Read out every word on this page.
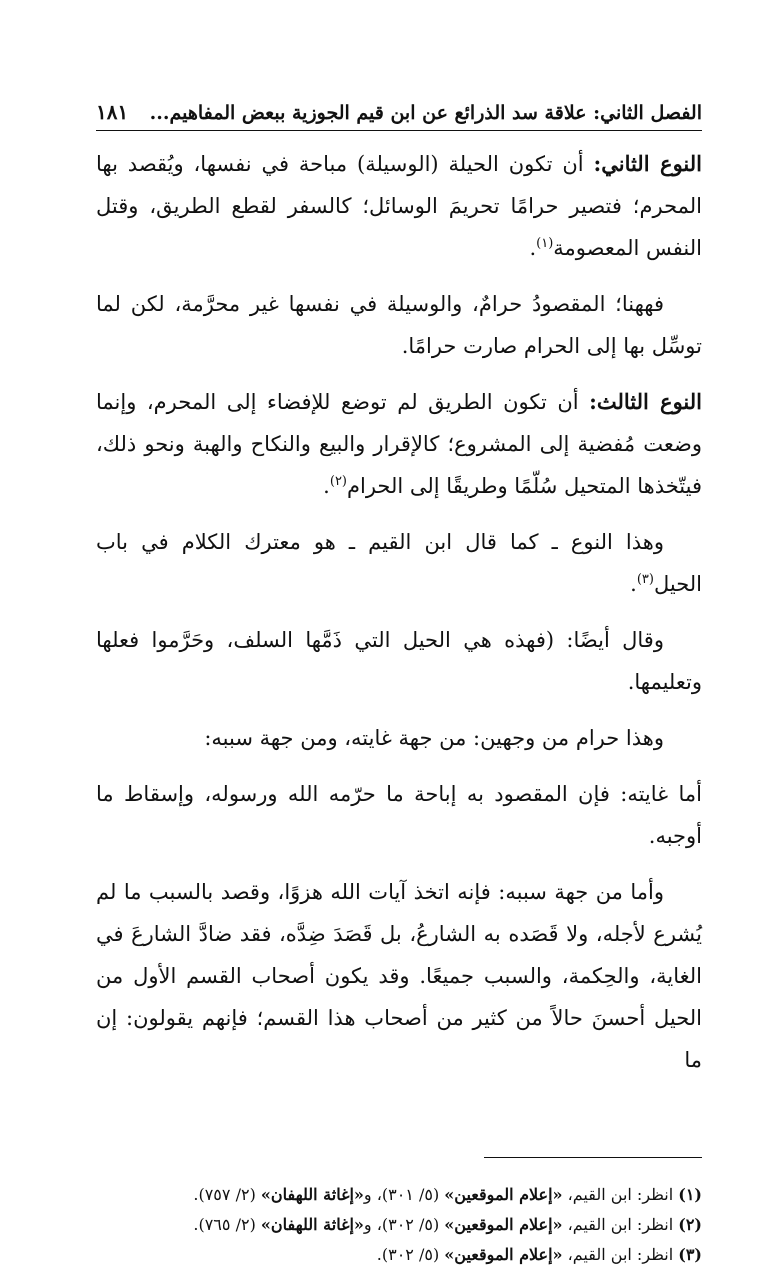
الفصل الثاني: علاقة سد الذرائع عن ابن قيم الجوزية ببعض المفاهيم...
١٨١

النوع الثاني: أن تكون الحيلة (الوسيلة) مباحة في نفسها، ويُقصد بها المحرم؛ فتصير حرامًا تحريمَ الوسائل؛ كالسفر لقطع الطريق، وقتل النفس المعصومة$^{(١)}$.

فههنا؛ المقصودُ حرامٌ، والوسيلة في نفسها غير محرَّمة، لكن لما توسِّل بها إلى الحرام صارت حرامًا.

النوع الثالث: أن تكون الطريق لم توضع للإفضاء إلى المحرم، وإنما وضعت مُفضية إلى المشروع؛ كالإقرار والبيع والنكاح والهبة ونحو ذلك، فيتّخذها المتحيل سُلّمًا وطريقًا إلى الحرام$^{(٢)}$.

وهذا النوع ـ كما قال ابن القيم ـ هو معترك الكلام في باب الحيل$^{(٣)}$.

وقال أيضًا: (فهذه هي الحيل التي ذَمَّها السلف، وحَرَّموا فعلها وتعليمها.

وهذا حرام من وجهين: من جهة غايته، ومن جهة سببه:

أما غايته: فإن المقصود به إباحة ما حرّمه الله ورسوله، وإسقاط ما أوجبه.

وأما من جهة سببه: فإنه اتخذ آيات الله هزوًا، وقصد بالسبب ما لم يُشرع لأجله، ولا قَصَده به الشارعُ، بل قَصَدَ ضِدَّه، فقد ضادَّ الشارعَ في الغاية، والحِكمة، والسبب جميعًا. وقد يكون أصحاب القسم الأول من الحيل أحسنَ حالاً من كثير من أصحاب هذا القسم؛ فإنهم يقولون: إن ما

(١) انظر: ابن القيم، «إعلام الموقعين» (٥/ ٣٠١)، و«إغاثة اللهفان» (٢/ ٧٥٧).

(٢) انظر: ابن القيم، «إعلام الموقعين» (٥/ ٣٠٢)، و«إغاثة اللهفان» (٢/ ٧٦٥).

(٣) انظر: ابن القيم، «إعلام الموقعين» (٥/ ٣٠٢).
